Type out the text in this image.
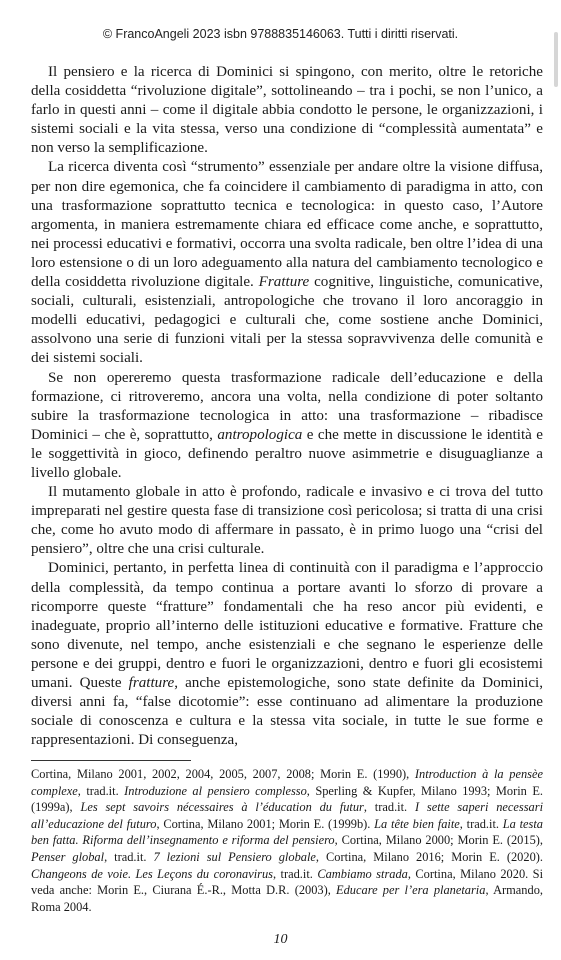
© FrancoAngeli 2023 isbn 9788835146063. Tutti i diritti riservati.

Il pensiero e la ricerca di Dominici si spingono, con merito, oltre le retoriche della cosiddetta “rivoluzione digitale”, sottolineando – tra i pochi, se non l’unico, a farlo in questi anni – come il digitale abbia condotto le persone, le organizzazioni, i sistemi sociali e la vita stessa, verso una condizione di “complessità aumentata” e non verso la semplificazione.

La ricerca diventa così “strumento” essenziale per andare oltre la visione diffusa, per non dire egemonica, che fa coincidere il cambiamento di paradigma in atto, con una trasformazione soprattutto tecnica e tecnologica: in questo caso, l’Autore argomenta, in maniera estremamente chiara ed efficace come anche, e soprattutto, nei processi educativi e formativi, occorra una svolta radicale, ben oltre l’idea di una loro estensione o di un loro adeguamento alla natura del cambiamento tecnologico e della cosiddetta rivoluzione digitale. Fratture cognitive, linguistiche, comunicative, sociali, culturali, esistenziali, antropologiche che trovano il loro ancoraggio in modelli educativi, pedagogici e culturali che, come sostiene anche Dominici, assolvono una serie di funzioni vitali per la stessa sopravvivenza delle comunità e dei sistemi sociali.

Se non opereremo questa trasformazione radicale dell’educazione e della formazione, ci ritroveremo, ancora una volta, nella condizione di poter soltanto subire la trasformazione tecnologica in atto: una trasformazione – ribadisce Dominici – che è, soprattutto, antropologica e che mette in discussione le identità e le soggettività in gioco, definendo peraltro nuove asimmetrie e disuguaglianze a livello globale.

Il mutamento globale in atto è profondo, radicale e invasivo e ci trova del tutto impreparati nel gestire questa fase di transizione così pericolosa; si tratta di una crisi che, come ho avuto modo di affermare in passato, è in primo luogo una “crisi del pensiero”, oltre che una crisi culturale.

Dominici, pertanto, in perfetta linea di continuità con il paradigma e l’approccio della complessità, da tempo continua a portare avanti lo sforzo di provare a ricomporre queste “fratture” fondamentali che ha reso ancor più evidenti, e inadeguate, proprio all’interno delle istituzioni educative e formative. Fratture che sono divenute, nel tempo, anche esistenziali e che segnano le esperienze delle persone e dei gruppi, dentro e fuori le organizzazioni, dentro e fuori gli ecosistemi umani. Queste fratture, anche epistemologiche, sono state definite da Dominici, diversi anni fa, “false dicotomie”: esse continuano ad alimentare la produzione sociale di conoscenza e cultura e la stessa vita sociale, in tutte le sue forme e rappresentazioni. Di conseguenza,

Cortina, Milano 2001, 2002, 2004, 2005, 2007, 2008; Morin E. (1990), Introduction à la pensèe complexe, trad.it. Introduzione al pensiero complesso, Sperling & Kupfer, Milano 1993; Morin E. (1999a), Les sept savoirs nécessaires à l’éducation du futur, trad.it. I sette saperi necessari all’educazione del futuro, Cortina, Milano 2001; Morin E. (1999b). La tête bien faite, trad.it. La testa ben fatta. Riforma dell’insegnamento e riforma del pensiero, Cortina, Milano 2000; Morin E. (2015), Penser global, trad.it. 7 lezioni sul Pensiero globale, Cortina, Milano 2016; Morin E. (2020). Changeons de voie. Les Leçons du coronavirus, trad.it. Cambiamo strada, Cortina, Milano 2020. Si veda anche: Morin E., Ciurana É.-R., Motta D.R. (2003), Educare per l’era planetaria, Armando, Roma 2004.
10
